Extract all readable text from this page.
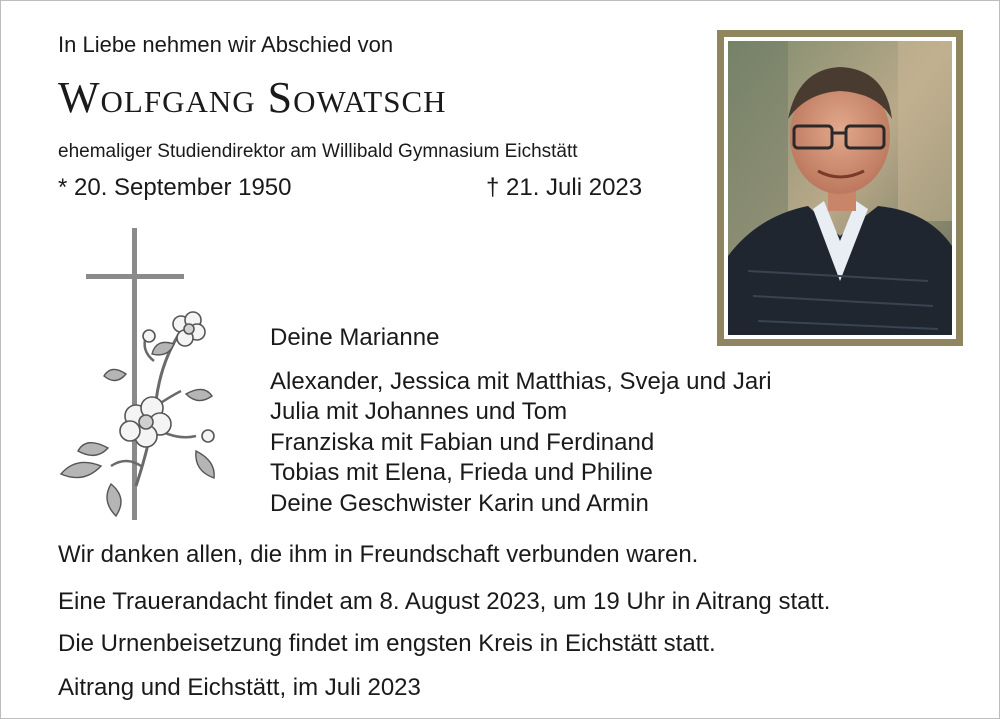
In Liebe nehmen wir Abschied von
Wolfgang Sowatsch
ehemaliger Studiendirektor am Willibald Gymnasium Eichstätt
* 20. September 1950	† 21. Juli 2023
Deine Marianne
Alexander, Jessica mit Matthias, Sveja und Jari
Julia mit Johannes und Tom
Franziska mit Fabian und Ferdinand
Tobias mit Elena, Frieda und Philine
Deine Geschwister Karin und Armin
Wir danken allen, die ihm in Freundschaft verbunden waren.
Eine Trauerandacht findet am 8. August 2023, um 19 Uhr in Aitrang statt.
Die Urnenbeisetzung findet im engsten Kreis in Eichstätt statt.
Aitrang und Eichstätt, im Juli 2023
